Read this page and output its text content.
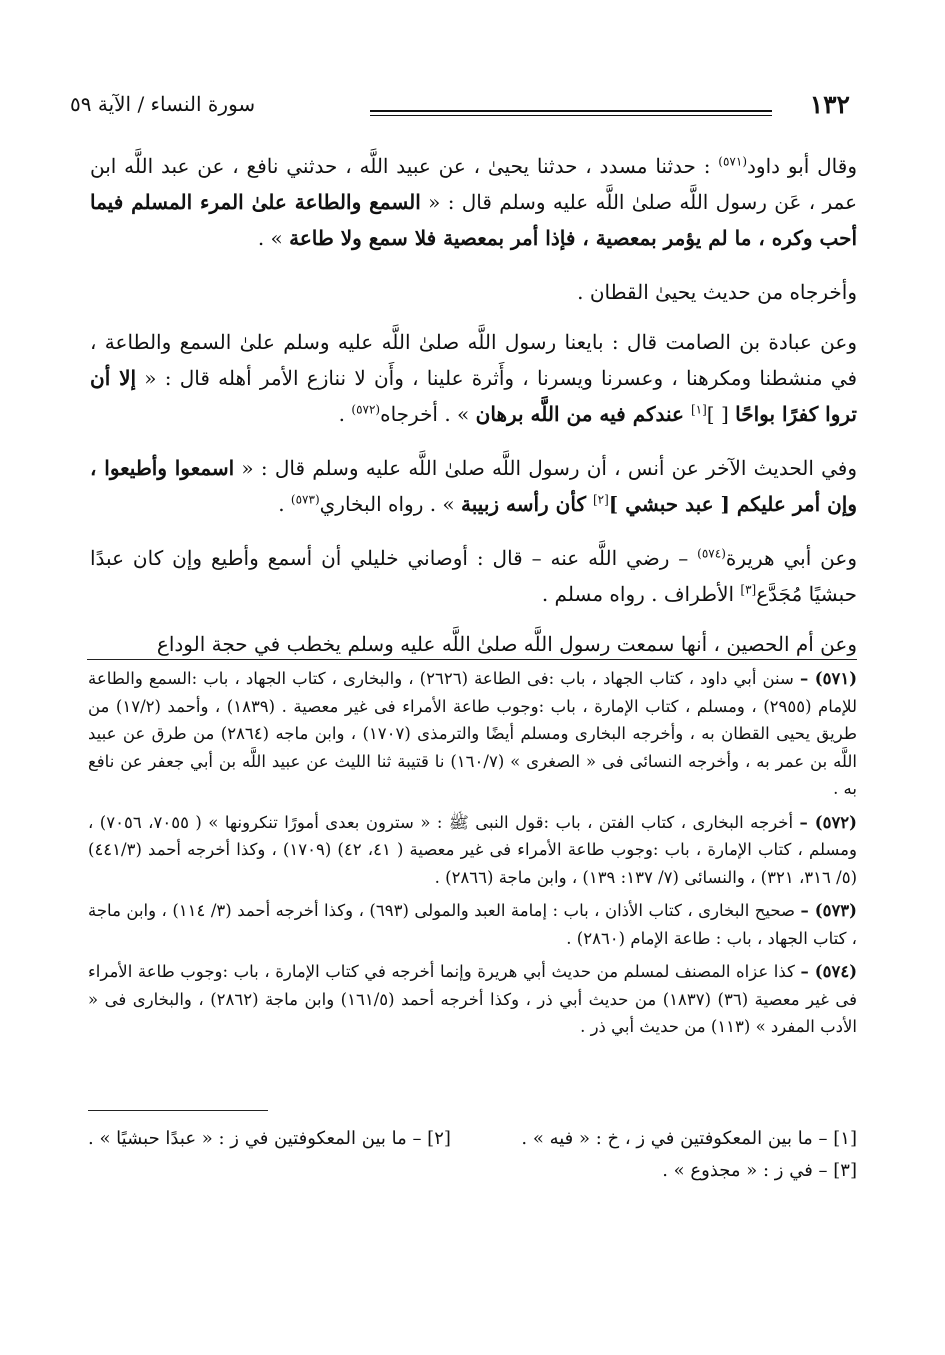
١٣٢
سورة النساء / الآية ٥٩

وقال أبو داود$^{(٥٧١)}$ : حدثنا مسدد ، حدثنا يحيىٰ ، عن عبيد اللَّه ، حدثني نافع ، عن عبد اللَّه ابن عمر ، عَن رسول اللَّه صلىٰ اللَّه عليه وسلم قال : « السمع والطاعة علىٰ المرء المسلم فيما أحب وكره ، ما لم يؤمر بمعصية ، فإذا أمر بمعصية فلا سمع ولا طاعة » .

وأخرجاه من حديث يحيىٰ القطان .

وعن عبادة بن الصامت قال : بايعنا رسول اللَّه صلىٰ اللَّه عليه وسلم علىٰ السمع والطاعة ، في منشطنا ومكرهنا ، وعسرنا ويسرنا ، وأَثرة علينا ، وأَن لا ننازع الأمر أهله قال : « إلا أن تروا كفرًا بواحًا [ ][١] عندكم فيه من اللَّه برهان » . أخرجاه$^{(٥٧٢)}$ .

وفي الحديث الآخر عن أنس ، أن رسول اللَّه صلىٰ اللَّه عليه وسلم قال : « اسمعوا وأطيعوا ، وإن أمر عليكم [ عبد حبشي ][٢] كأن رأسه زبيبة » . رواه البخاري$^{(٥٧٣)}$ .

وعن أبي هريرة$^{(٥٧٤)}$ – رضي اللَّه عنه – قال : أوصاني خليلي أن أسمع وأطيع وإن كان عبدًا حبشيًا مُجَدَّع[٣] الأطراف . رواه مسلم .

وعن أم الحصين ، أنها سمعت رسول اللَّه صلىٰ اللَّه عليه وسلم يخطب في حجة الوداع

(٥٧١) – سنن أبي داود ، كتاب الجهاد ، باب :فى الطاعة (٢٦٢٦) ، والبخارى ، كتاب الجهاد ، باب :السمع والطاعة للإمام (٢٩٥٥) ، ومسلم ، كتاب الإمارة ، باب :وجوب طاعة الأمراء فى غير معصية . (١٨٣٩) ، وأحمد (١٧/٢) من طريق يحيى القطان به ، وأخرجه البخارى ومسلم أيضًا والترمذى (١٧٠٧) ، وابن ماجه (٢٨٦٤) من طرق عن عبيد اللَّه بن عمر به ، وأخرجه النسائى فى « الصغرى » (١٦٠/٧) نا قتيبة ثنا الليث عن عبيد اللَّه بن أبي جعفر عن نافع به .

(٥٧٢) – أخرجه البخارى ، كتاب الفتن ، باب :قول النبى ﷺ : « سترون بعدى أمورًا تنكرونها » ( ٧٠٥٥، ٧٠٥٦) ، ومسلم ، كتاب الإمارة ، باب :وجوب طاعة الأمراء فى غير معصية ( ٤١، ٤٢) (١٧٠٩) ، وكذا أخرجه أحمد (٤٤١/٣) (٥/ ٣١٦، ٣٢١) ، والنسائى (٧/ ١٣٧: ١٣٩) ، وابن ماجة (٢٨٦٦) .

(٥٧٣) – صحيح البخارى ، كتاب الأذان ، باب : إمامة العبد والمولى (٦٩٣) ، وكذا أخرجه أحمد (٣/ ١١٤) ، وابن ماجة ، كتاب الجهاد ، باب : طاعة الإمام (٢٨٦٠) .

(٥٧٤) – كذا عزاه المصنف لمسلم من حديث أبي هريرة وإنما أخرجه في كتاب الإمارة ، باب :وجوب طاعة الأمراء فى غير معصية (٣٦) (١٨٣٧) من حديث أبي ذر ، وكذا أخرجه أحمد (١٦١/٥) وابن ماجة (٢٨٦٢) ، والبخارى فى « الأدب المفرد » (١١٣) من حديث أبي ذر .

[١] – ما بين المعكوفتين في ز ، خ : « فيه » .
[٢] – ما بين المعكوفتين في ز : « عبدًا حبشيًا » .
[٣] – في ز : « مجذوع » .
